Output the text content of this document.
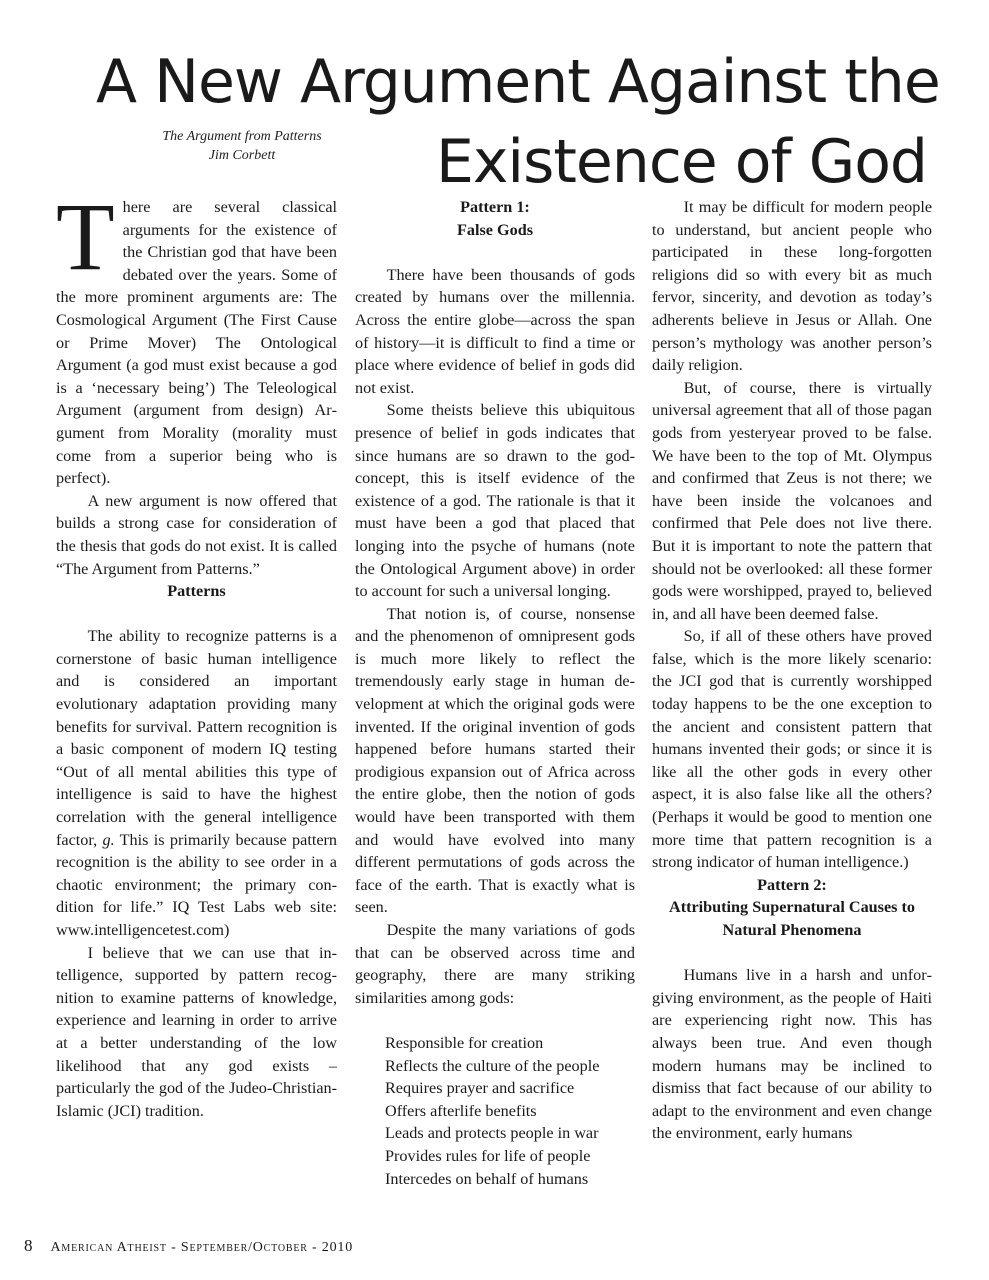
A New Argument Against the
Existence of God
The Argument from Patterns
Jim Corbett

There are several classical arguments for the existence of the Christian god that have been debated over the years. Some of the more prominent arguments are: The Cosmological Argument (The First Cause or Prime Mover) The Ontological Argument (a god must exist because a god is a ‘necessary being’) The Teleological Argument (argument from design) Argument from Morality (morality must come from a superior being who is perfect).

A new argument is now offered that builds a strong case for consideration of the thesis that gods do not exist. It is called “The Argument from Patterns.”

Patterns

The ability to recognize patterns is a cornerstone of basic human intelligence and is considered an important evolutionary adaptation providing many benefits for survival. Pattern recognition is a basic component of modern IQ testing “Out of all mental abilities this type of intelligence is said to have the highest correlation with the general intelligence factor, g. This is primarily because pattern recognition is the ability to see order in a chaotic environment; the primary condition for life.” IQ Test Labs web site: www.intelligencetest.com)

I believe that we can use that intelligence, supported by pattern recognition to examine patterns of knowledge, experience and learning in order to arrive at a better understanding of the low likelihood that any god exists – particularly the god of the Judeo-Christian-Islamic (JCI) tradition.

Pattern 1:

False Gods

There have been thousands of gods created by humans over the millennia. Across the entire globe—across the span of history—it is difficult to find a time or place where evidence of belief in gods did not exist.

Some theists believe this ubiquitous presence of belief in gods indicates that since humans are so drawn to the god-concept, this is itself evidence of the existence of a god. The rationale is that it must have been a god that placed that longing into the psyche of humans (note the Ontological Argument above) in order to account for such a universal longing.

That notion is, of course, nonsense and the phenomenon of omnipresent gods is much more likely to reflect the tremendously early stage in human development at which the original gods were invented. If the original invention of gods happened before humans started their prodigious expansion out of Africa across the entire globe, then the notion of gods would have been transported with them and would have evolved into many different permutations of gods across the face of the earth. That is exactly what is seen.

Despite the many variations of gods that can be observed across time and geography, there are many striking similarities among gods:

Responsible for creation
Reflects the culture of the people
Requires prayer and sacrifice
Offers afterlife benefits
Leads and protects people in war
Provides rules for life of people
Intercedes on behalf of humans

It may be difficult for modern people to understand, but ancient people who participated in these long-forgotten religions did so with every bit as much fervor, sincerity, and devotion as today’s adherents believe in Jesus or Allah. One person’s mythology was another person’s daily religion.

But, of course, there is virtually universal agreement that all of those pagan gods from yesteryear proved to be false. We have been to the top of Mt. Olympus and confirmed that Zeus is not there; we have been inside the volcanoes and confirmed that Pele does not live there. But it is important to note the pattern that should not be overlooked: all these former gods were worshipped, prayed to, believed in, and all have been deemed false.

So, if all of these others have proved false, which is the more likely scenario: the JCI god that is currently worshipped today happens to be the one exception to the ancient and consistent pattern that humans invented their gods; or since it is like all the other gods in every other aspect, it is also false like all the others? (Perhaps it would be good to mention one more time that pattern recognition is a strong indicator of human intelligence.)

Pattern 2:

Attributing Supernatural Causes to Natural Phenomena

Humans live in a harsh and unforgiving environment, as the people of Haiti are experiencing right now. This has always been true. And even though modern humans may be inclined to dismiss that fact because of our ability to adapt to the environment and even change the environment, early humans

8 American Atheist - September/October - 2010
